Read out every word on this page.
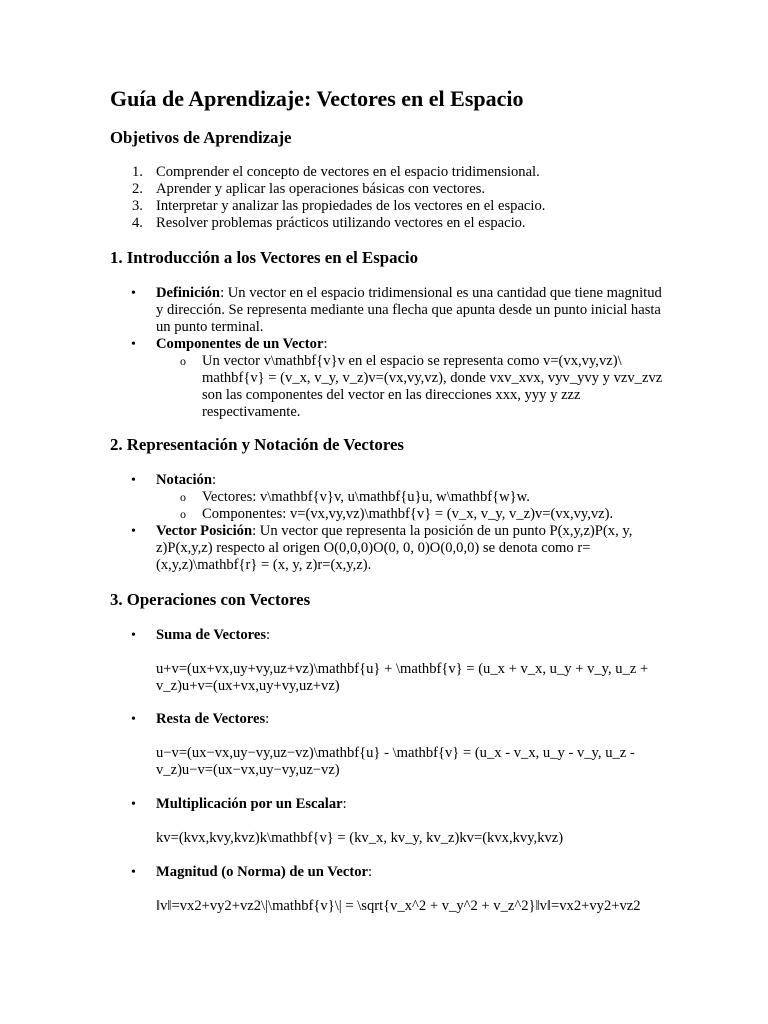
Guía de Aprendizaje: Vectores en el Espacio
Objetivos de Aprendizaje
1. Comprender el concepto de vectores en el espacio tridimensional.
2. Aprender y aplicar las operaciones básicas con vectores.
3. Interpretar y analizar las propiedades de los vectores en el espacio.
4. Resolver problemas prácticos utilizando vectores en el espacio.
1. Introducción a los Vectores en el Espacio
• Definición: Un vector en el espacio tridimensional es una cantidad que tiene magnitud y dirección. Se representa mediante una flecha que apunta desde un punto inicial hasta un punto terminal.
• Componentes de un Vector:
o Un vector v\mathbf{v}v en el espacio se representa como v=(vx,vy,vz)\ mathbf{v} = (v_x, v_y, v_z)v=(vx,vy,vz), donde vxv_xvx, vyv_yvy y vzv_zvz son las componentes del vector en las direcciones xxx, yyy y zzz respectivamente.
2. Representación y Notación de Vectores
• Notación:
o Vectores: v\mathbf{v}v, u\mathbf{u}u, w\mathbf{w}w.
o Componentes: v=(vx,vy,vz)\mathbf{v} = (v_x, v_y, v_z)v=(vx,vy,vz).
• Vector Posición: Un vector que representa la posición de un punto P(x,y,z)P(x, y, z)P(x,y,z) respecto al origen O(0,0,0)O(0, 0, 0)O(0,0,0) se denota como r=(x,y,z)\mathbf{r} = (x, y, z)r=(x,y,z).
3. Operaciones con Vectores
• Suma de Vectores:
u+v=(ux+vx,uy+vy,uz+vz)\mathbf{u} + \mathbf{v} = (u_x + v_x, u_y + v_y, u_z + v_z)u+v=(ux+vx,uy+vy,uz+vz)
• Resta de Vectores:
u−v=(ux−vx,uy−vy,uz−vz)\mathbf{u} - \mathbf{v} = (u_x - v_x, u_y - v_y, u_z - v_z)u−v=(ux−vx,uy−vy,uz−vz)
• Multiplicación por un Escalar:
kv=(kvx,kvy,kvz)k\mathbf{v} = (kv_x, kv_y, kv_z)kv=(kvx,kvy,kvz)
• Magnitud (o Norma) de un Vector:
‖v‖=vx2+vy2+vz2\|\mathbf{v}\| = \sqrt{v_x^2 + v_y^2 + v_z^2}‖v‖=vx2+vy2+vz2
